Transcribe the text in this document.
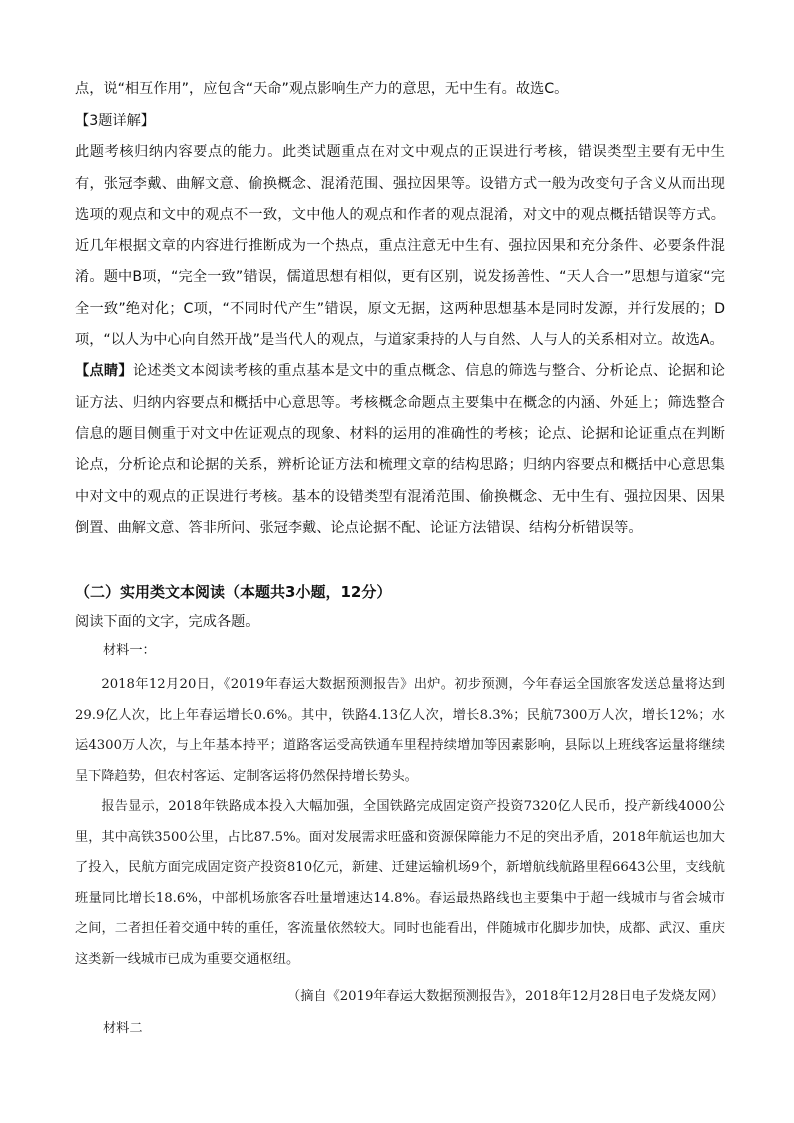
点，说“相互作用”，应包含“天命”观点影响生产力的意思，无中生有。故选C。

【3题详解】

此题考核归纳内容要点的能力。此类试题重点在对文中观点的正误进行考核，错误类型主要有无中生有，张冠李戴、曲解文意、偷换概念、混淆范围、强拉因果等。设错方式一般为改变句子含义从而出现选项的观点和文中的观点不一致，文中他人的观点和作者的观点混淆，对文中的观点概括错误等方式。近几年根据文章的内容进行推断成为一个热点，重点注意无中生有、强拉因果和充分条件、必要条件混淆。题中B项，“完全一致”错误，儒道思想有相似，更有区别，说发扬善性、“天人合一”思想与道家“完全一致”绝对化；C项，“不同时代产生”错误，原文无据，这两种思想基本是同时发源，并行发展的；D项，“以人为中心向自然开战”是当代人的观点，与道家秉持的人与自然、人与人的关系相对立。故选A。

【点睛】论述类文本阅读考核的重点基本是文中的重点概念、信息的筛选与整合、分析论点、论据和论证方法、归纳内容要点和概括中心意思等。考核概念命题点主要集中在概念的内涵、外延上；筛选整合信息的题目侧重于对文中佐证观点的现象、材料的运用的准确性的考核；论点、论据和论证重点在判断论点，分析论点和论据的关系，辨析论证方法和梳理文章的结构思路；归纳内容要点和概括中心意思集中对文中的观点的正误进行考核。基本的设错类型有混淆范围、偷换概念、无中生有、强拉因果、因果倒置、曲解文意、答非所问、张冠李戴、论点论据不配、论证方法错误、结构分析错误等。

（二）实用类文本阅读（本题共3小题，12分）

阅读下面的文字，完成各题。

材料一：

2018年12月20日，《2019年春运大数据预测报告》出炉。初步预测，今年春运全国旅客发送总量将达到29.9亿人次，比上年春运增长0.6%。其中，铁路4.13亿人次，增长8.3%；民航7300万人次，增长12%；水运4300万人次，与上年基本持平；道路客运受高铁通车里程持续增加等因素影响，县际以上班线客运量将继续呈下降趋势，但农村客运、定制客运将仍然保持增长势头。

报告显示，2018年铁路成本投入大幅加强，全国铁路完成固定资产投资7320亿人民币，投产新线4000公里，其中高铁3500公里，占比87.5%。面对发展需求旺盛和资源保障能力不足的突出矛盾，2018年航运也加大了投入，民航方面完成固定资产投资810亿元，新建、迁建运输机场9个，新增航线航路里程6643公里，支线航班量同比增长18.6%，中部机场旅客吞吐量增速达14.8%。春运最热路线也主要集中于超一线城市与省会城市之间，二者担任着交通中转的重任，客流量依然较大。同时也能看出，伴随城市化脚步加快，成都、武汉、重庆这类新一线城市已成为重要交通枢纽。

（摘自《2019年春运大数据预测报告》，2018年12月28日电子发烧友网）

材料二
